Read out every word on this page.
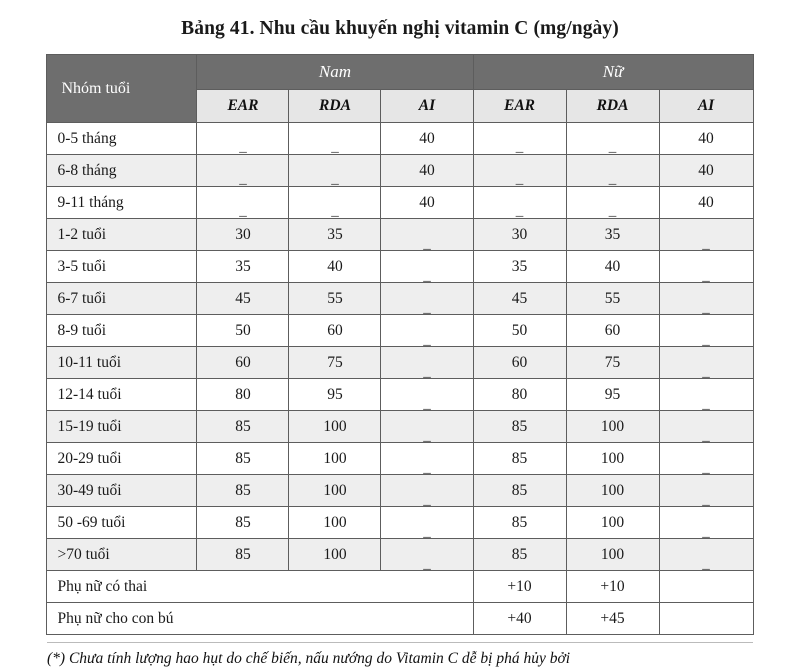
Bảng 41. Nhu cầu khuyến nghị vitamin C (mg/ngày)
Nhóm tuổi	Nam			Nữ		
	EAR	RDA	AI	EAR	RDA	AI
0-5 tháng	_	_	40	_	_	40
6-8 tháng	_	_	40	_	_	40
9-11 tháng	_	_	40	_	_	40
1-2 tuổi	30	35	_	30	35	_
3-5 tuổi	35	40	_	35	40	_
6-7 tuổi	45	55	_	45	55	_
8-9 tuổi	50	60	_	50	60	_
10-11 tuổi	60	75	_	60	75	_
12-14 tuổi	80	95	_	80	95	_
15-19 tuổi	85	100	_	85	100	_
20-29 tuổi	85	100	_	85	100	_
30-49 tuổi	85	100	_	85	100	_
50 -69 tuổi	85	100	_	85	100	_
>70 tuổi	85	100	_	85	100	_
Phụ nữ có thai				+10	+10	
Phụ nữ cho con bú				+40	+45	
(*) Chưa tính lượng hao hụt do chế biến, nấu nướng do Vitamin C dễ bị phá hủy bởi
